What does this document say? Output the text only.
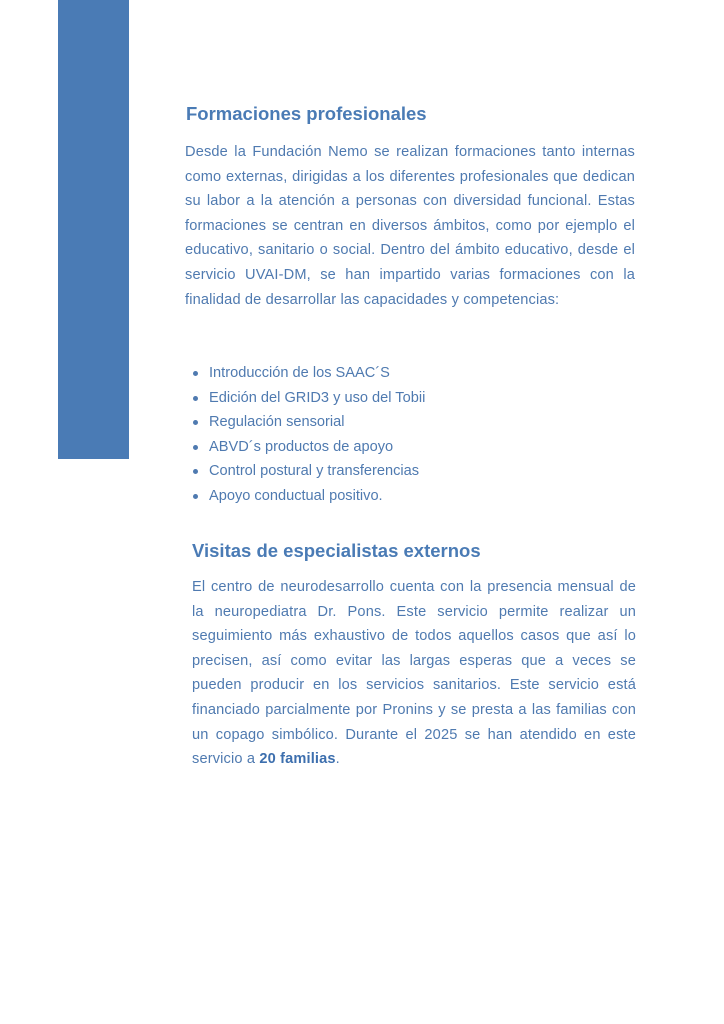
Formaciones profesionales

Desde la Fundación Nemo se realizan formaciones tanto internas como externas, dirigidas a los diferentes profesionales que dedican su labor a la atención a personas con diversidad funcional. Estas formaciones se centran en diversos ámbitos, como por ejemplo el educativo, sanitario o social. Dentro del ámbito educativo, desde el servicio UVAI-DM, se han impartido varias formaciones con la finalidad de desarrollar las capacidades y competencias:

Introducción de los SAAC´S
Edición del GRID3 y uso del Tobii
Regulación sensorial
ABVD´s productos de apoyo
Control postural y transferencias
Apoyo conductual positivo.
Visitas de especialistas externos

El centro de neurodesarrollo cuenta con la presencia mensual de la neuropediatra Dr. Pons. Este servicio permite realizar un seguimiento más exhaustivo de todos aquellos casos que así lo precisen, así como evitar las largas esperas que a veces se pueden producir en los servicios sanitarios. Este servicio está financiado parcialmente por Pronins y se presta a las familias con un copago simbólico. Durante el 2025 se han atendido en este servicio a 20 familias.
